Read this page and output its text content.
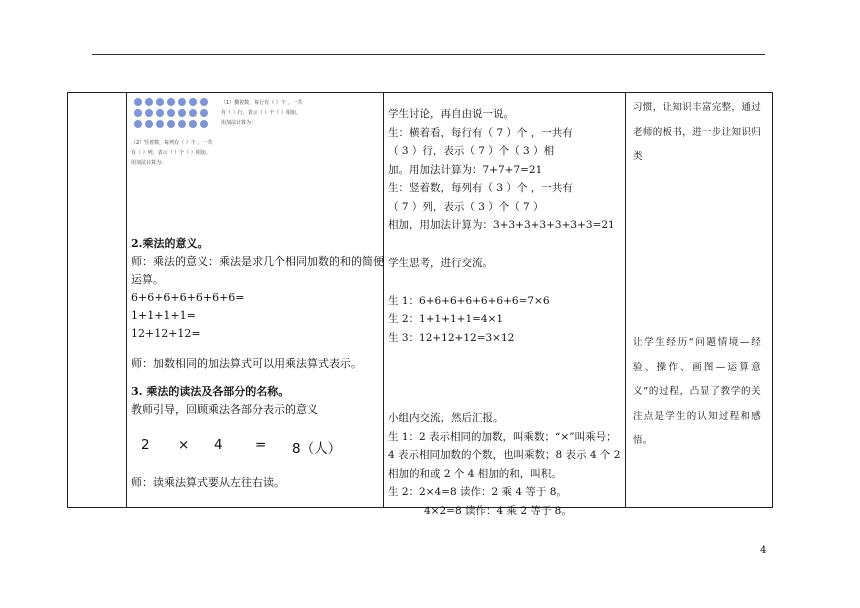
（1）横着数，每行有（ ）个 ，一共
有（ ）行，表示（ ）个（ ）相加。
用加法计算为：
（2）竖着数，每列有（ ）个 ，一共
有（ ）列，表示（ ）个（ ）相加。
用加法计算为：
2.乘法的意义。
师：乘法的意义：乘法是求几个相同加数的和的简便
运算。
6+6+6+6+6+6+6=
1+1+1+1=
12+12+12=
师：加数相同的加法算式可以用乘法算式表示。
3. 乘法的读法及各部分的名称。
教师引导，回顾乘法各部分表示的意义
2 × 4 = 8（人）
师：读乘法算式要从左往右读。

学生讨论，再自由说一说。
生：横着看，每行有（ 7 ）个 ，一共有
（ 3 ）行，表示（ 7 ）个（ 3 ）相
加。用加法计算为：7+7+7=21
生：竖着数，每列有（ 3 ）个 ，一共有
（ 7 ）列，表示（ 3 ）个（ 7 ）
相加，用加法计算为：3+3+3+3+3+3+3=21
学生思考，进行交流。
生 1：6+6+6+6+6+6+6=7×6
生 2：1+1+1+1=4×1
生 3：12+12+12=3×12
小组内交流，然后汇报。
生 1：2 表示相同的加数，叫乘数；“×”叫乘号；
4 表示相同加数的个数，也叫乘数；8 表示 4 个 2
相加的和或 2 个 4 相加的和，叫积。
生 2：2×4=8 读作：2 乘 4 等于 8。
4×2=8 读作：4 乘 2 等于 8。

习惯，让知识丰富完整，通过老师的板书，进一步让知识归类
让学生经历“问题情境—经验、操作、画图—运算意义”的过程，凸显了教学的关注点是学生的认知过程和感悟。
4
